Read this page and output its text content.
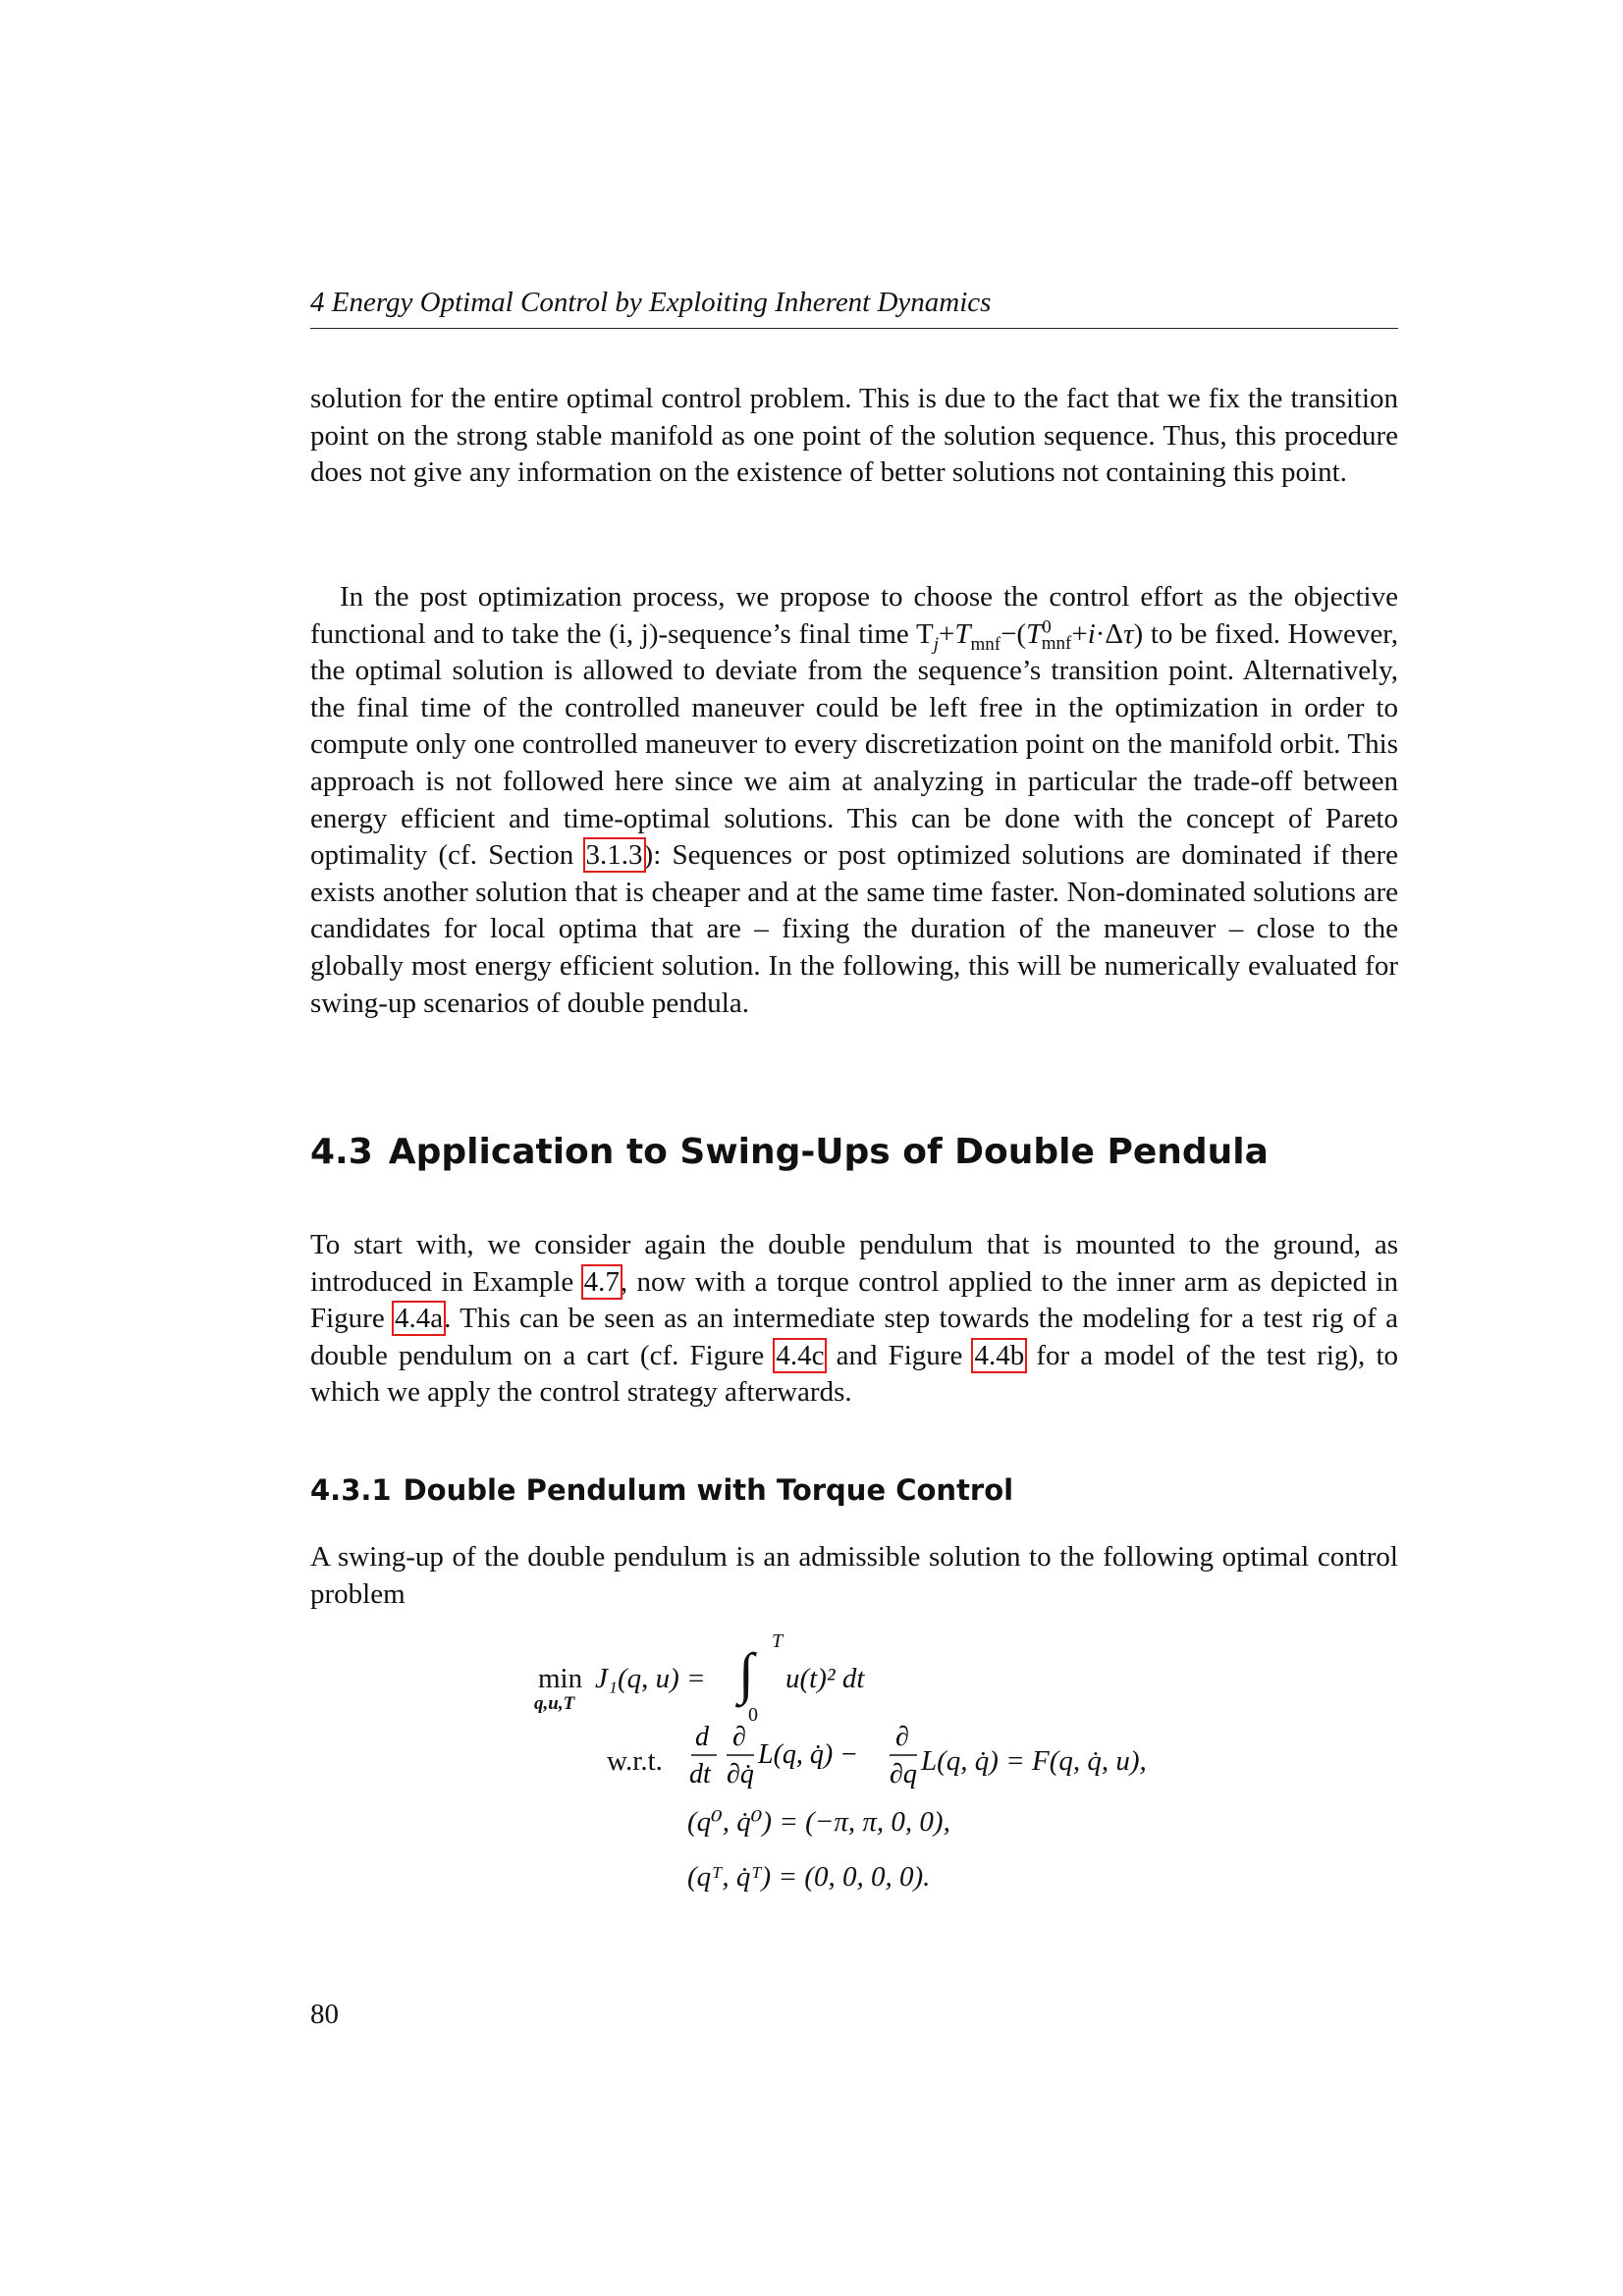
4 Energy Optimal Control by Exploiting Inherent Dynamics

solution for the entire optimal control problem. This is due to the fact that we fix the transition point on the strong stable manifold as one point of the solution sequence. Thus, this procedure does not give any information on the existence of better solutions not containing this point.

In the post optimization process, we propose to choose the control effort as the objective functional and to take the (i, j)-sequence’s final time $T_j+T_{mnf}-(T^0_{mnf}+i\cdot\Delta\tau)$ to be fixed. However, the optimal solution is allowed to deviate from the sequence’s transition point. Alternatively, the final time of the controlled maneuver could be left free in the optimization in order to compute only one controlled maneuver to every discretization point on the manifold orbit. This approach is not followed here since we aim at analyzing in particular the trade-off between energy efficient and time-optimal solutions. This can be done with the concept of Pareto optimality (cf. Section 3.1.3): Sequences or post optimized solutions are dominated if there exists another solution that is cheaper and at the same time faster. Non-dominated solutions are candidates for local optima that are – fixing the duration of the maneuver – close to the globally most energy efficient solution. In the following, this will be numerically evaluated for swing-up scenarios of double pendula.

4.3 Application to Swing-Ups of Double Pendula

To start with, we consider again the double pendulum that is mounted to the ground, as introduced in Example 4.7, now with a torque control applied to the inner arm as depicted in Figure 4.4a. This can be seen as an intermediate step towards the modeling for a test rig of a double pendulum on a cart (cf. Figure 4.4c and Figure 4.4b for a model of the test rig), to which we apply the control strategy afterwards.

4.3.1 Double Pendulum with Torque Control

A swing-up of the double pendulum is an admissible solution to the following optimal control problem

min
q,u,T
J₁(q, u) = ∫ T
0
u(t)² dt
w.r.t.
d
dt
∂
∂q̇
L(q, q̇) −
∂
∂q L(q, q̇) = F(q, q̇, u),
(q⁰, q̇⁰) = (−π, π, 0, 0),
(qᵀ, q̇ᵀ) = (0, 0, 0, 0).
80
